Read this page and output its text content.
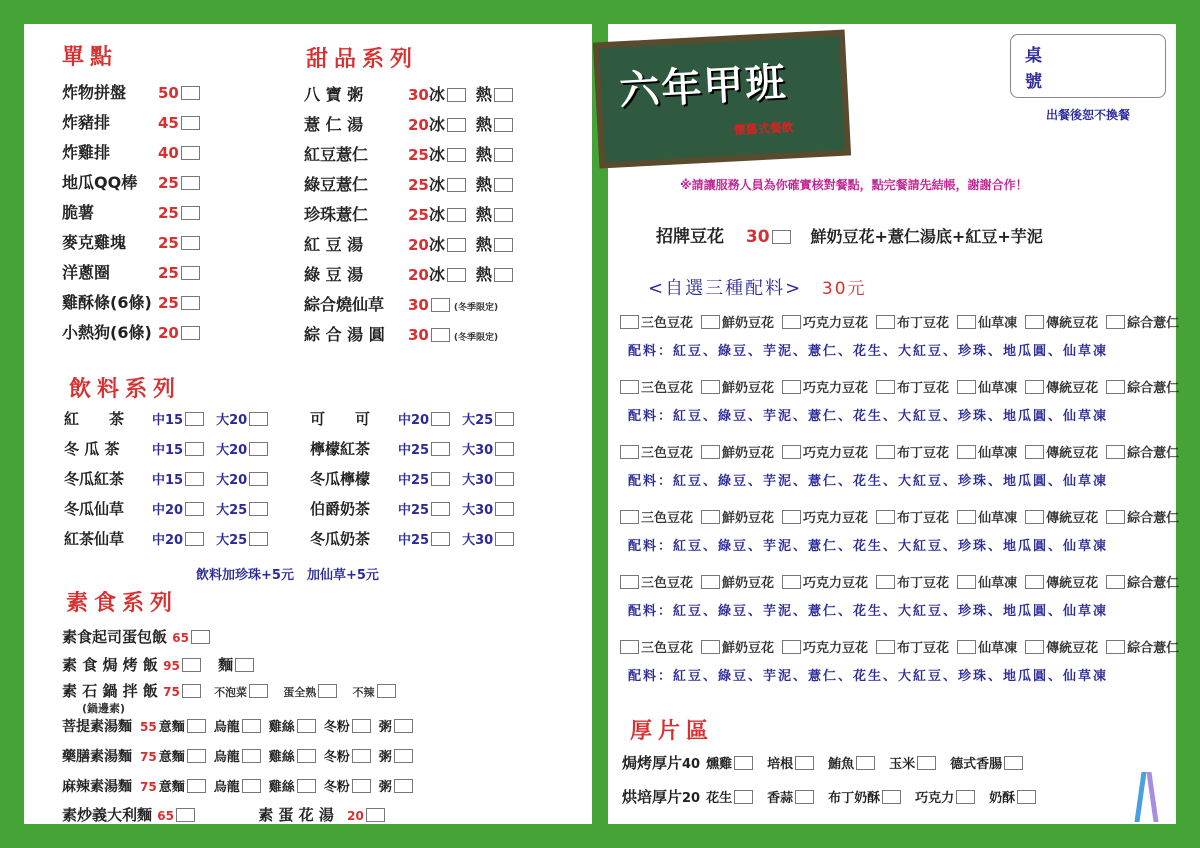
單點
炸物拼盤 50
炸豬排	45
炸雞排	40
地瓜QQ棒 25
脆薯	25
麥克雞塊 25
洋蔥圈	25
雞酥條(6條) 25
小熱狗(6條) 20
甜品系列
八 寶 粥	30冰 熱
薏 仁 湯	20冰 熱
紅豆薏仁	25冰 熱
綠豆薏仁	25冰 熱
珍珠薏仁	25冰 熱
紅 豆 湯	20冰 熱
綠 豆 湯	20冰 熱
綜合燒仙草 30	(冬季限定)
綜 合 湯 圓 30	(冬季限定)
飲料系列
紅　　茶 中15	大20
冬 瓜 茶	中15	大20
冬瓜紅茶 中15	大20
冬瓜仙草 中20	大25
紅茶仙草 中20	大25
可　　可 中20	大25
檸檬紅茶 中25	大30
冬瓜檸檬 中25	大30
伯爵奶茶 中25	大30
冬瓜奶茶 中25	大30
飲料加珍珠+5元　加仙草+5元
素食系列
素食起司蛋包飯 65
素 食 焗 烤 飯 95	麵
素 石 鍋 拌 飯 75	不泡菜	蛋全熟	不辣
(鍋邊素)
菩提素湯麵 55 意麵 烏龍 雞絲 冬粉 粥
藥膳素湯麵 75 意麵 烏龍 雞絲 冬粉 粥
麻辣素湯麵 75 意麵 烏龍 雞絲 冬粉 粥
素炒義大利麵 65	素 蛋 花 湯 20
六年甲班
懷舊式餐飲
桌
號
出餐後恕不換餐
※請讓服務人員為你確實核對餐點，點完餐請先結帳，謝謝合作！
招牌豆花 30	鮮奶豆花+薏仁湯底+紅豆+芋泥
<自選三種配料> 30元
三色豆花 鮮奶豆花 巧克力豆花 布丁豆花 仙草凍 傳統豆花 綜合薏仁
配料：紅豆、綠豆、芋泥、薏仁、花生、大紅豆、珍珠、地瓜圓、仙草凍
三色豆花 鮮奶豆花 巧克力豆花 布丁豆花 仙草凍 傳統豆花 綜合薏仁
配料：紅豆、綠豆、芋泥、薏仁、花生、大紅豆、珍珠、地瓜圓、仙草凍
三色豆花 鮮奶豆花 巧克力豆花 布丁豆花 仙草凍 傳統豆花 綜合薏仁
配料：紅豆、綠豆、芋泥、薏仁、花生、大紅豆、珍珠、地瓜圓、仙草凍
三色豆花 鮮奶豆花 巧克力豆花 布丁豆花 仙草凍 傳統豆花 綜合薏仁
配料：紅豆、綠豆、芋泥、薏仁、花生、大紅豆、珍珠、地瓜圓、仙草凍
三色豆花 鮮奶豆花 巧克力豆花 布丁豆花 仙草凍 傳統豆花 綜合薏仁
配料：紅豆、綠豆、芋泥、薏仁、花生、大紅豆、珍珠、地瓜圓、仙草凍
三色豆花 鮮奶豆花 巧克力豆花 布丁豆花 仙草凍 傳統豆花 綜合薏仁
配料：紅豆、綠豆、芋泥、薏仁、花生、大紅豆、珍珠、地瓜圓、仙草凍
厚片區
焗烤厚片40 燻雞	培根	鮪魚	玉米	德式香腸
烘培厚片20 花生	香蒜	布丁奶酥	巧克力	奶酥
